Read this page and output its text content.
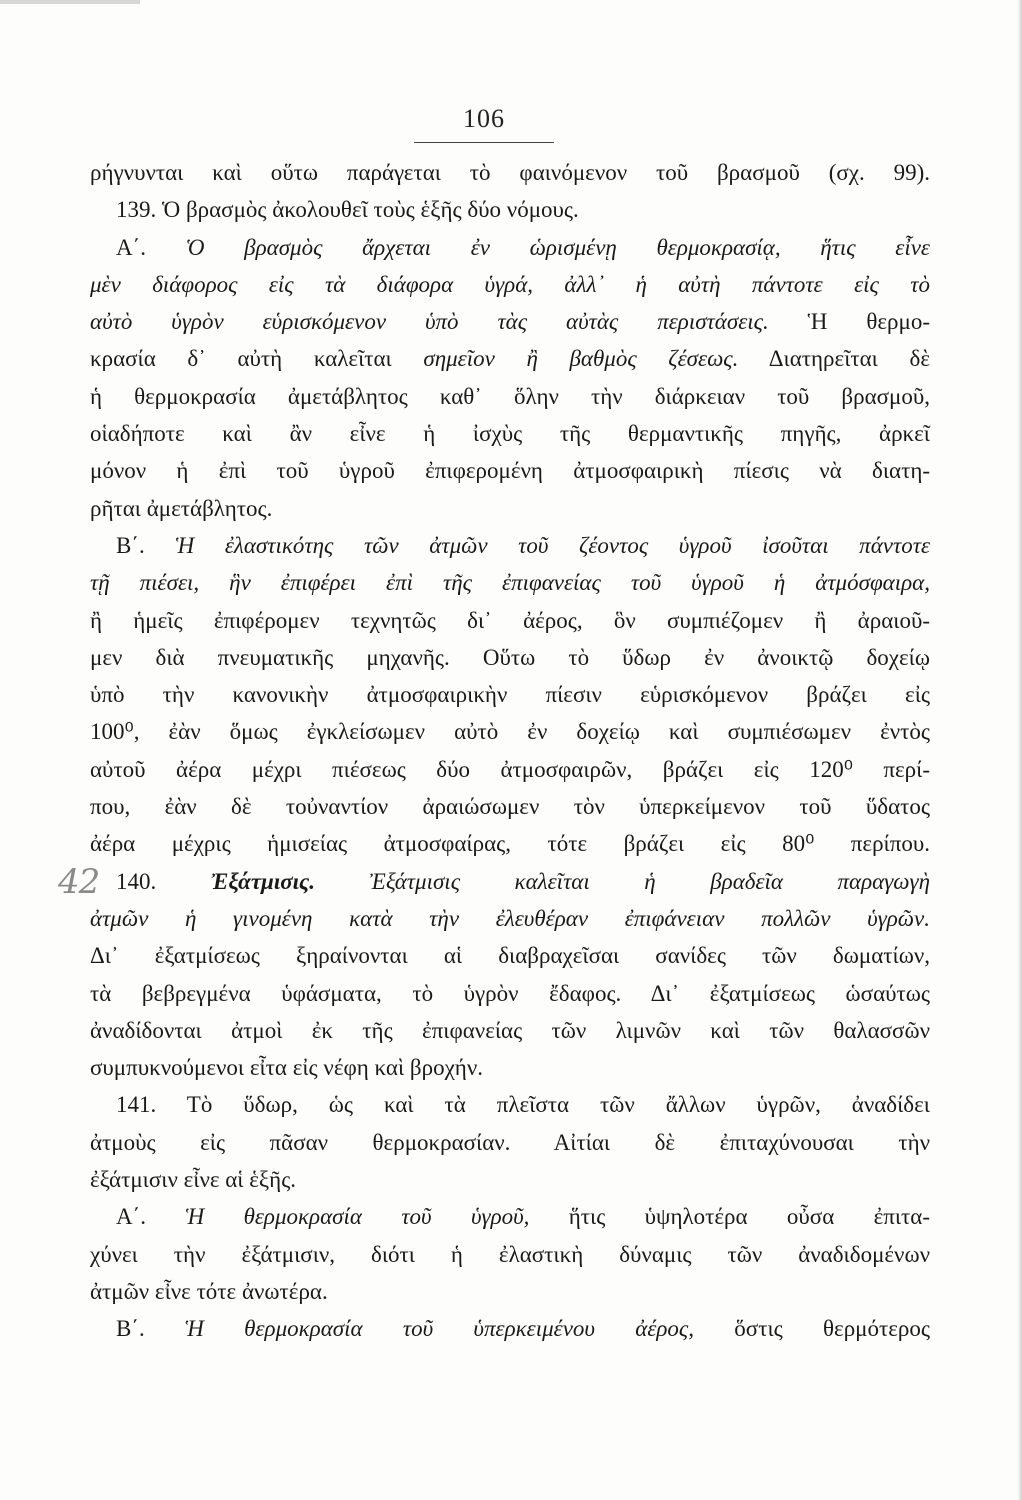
106
42
ρήγνυνται καὶ οὕτω παράγεται τὸ φαινόμενον τοῦ βρασμοῦ (σχ. 99).
139. Ὁ βρασμὸς ἀκολουθεῖ τοὺς ἑξῆς δύο νόμους.
Α΄. Ὁ βρασμὸς ἄρχεται ἐν ὡρισμένῃ θερμοκρασίᾳ, ἥτις εἶνε
μὲν διάφορος εἰς τὰ διάφορα ὑγρά, ἀλλ᾽ ἡ αὐτὴ πάντοτε εἰς τὸ
αὐτὸ ὑγρὸν εὑρισκόμενον ὑπὸ τὰς αὐτὰς περιστάσεις. Ἡ θερμο-
κρασία δ᾽ αὐτὴ καλεῖται σημεῖον ἢ βαθμὸς ζέσεως. Διατηρεῖται δὲ
ἡ θερμοκρασία ἀμετάβλητος καθ᾽ ὅλην τὴν διάρκειαν τοῦ βρασμοῦ,
οἱαδήποτε καὶ ἂν εἶνε ἡ ἰσχὺς τῆς θερμαντικῆς πηγῆς, ἀρκεῖ
μόνον ἡ ἐπὶ τοῦ ὑγροῦ ἐπιφερομένη ἀτμοσφαιρικὴ πίεσις νὰ διατη-
ρῆται ἀμετάβλητος.
Β΄. Ἡ ἐλαστικότης τῶν ἀτμῶν τοῦ ζέοντος ὑγροῦ ἰσοῦται πάντοτε
τῇ πιέσει, ἣν ἐπιφέρει ἐπὶ τῆς ἐπιφανείας τοῦ ὑγροῦ ἡ ἀτμόσφαιρα,
ἢ ἡμεῖς ἐπιφέρομεν τεχνητῶς δι᾽ ἀέρος, ὃν συμπιέζομεν ἢ ἀραιοῦ-
μεν διὰ πνευματικῆς μηχανῆς. Οὕτω τὸ ὕδωρ ἐν ἀνοικτῷ δοχείῳ
ὑπὸ τὴν κανονικὴν ἀτμοσφαιρικὴν πίεσιν εὑρισκόμενον βράζει εἰς
100⁰, ἐὰν ὅμως ἐγκλείσωμεν αὐτὸ ἐν δοχείῳ καὶ συμπιέσωμεν ἐντὸς
αὐτοῦ ἀέρα μέχρι πιέσεως δύο ἀτμοσφαιρῶν, βράζει εἰς 120⁰ περί-
που, ἐὰν δὲ τοὐναντίον ἀραιώσωμεν τὸν ὑπερκείμενον τοῦ ὕδατος
ἀέρα μέχρις ἡμισείας ἀτμοσφαίρας, τότε βράζει εἰς 80⁰ περίπου.
140. Ἐξάτμισις. Ἐξάτμισις καλεῖται ἡ βραδεῖα παραγωγὴ
ἀτμῶν ἡ γινομένη κατὰ τὴν ἐλευθέραν ἐπιφάνειαν πολλῶν ὑγρῶν.
Δι᾽ ἐξατμίσεως ξηραίνονται αἱ διαβραχεῖσαι σανίδες τῶν δωματίων,
τὰ βεβρεγμένα ὑφάσματα, τὸ ὑγρὸν ἔδαφος. Δι᾽ ἐξατμίσεως ὡσαύτως
ἀναδίδονται ἀτμοὶ ἐκ τῆς ἐπιφανείας τῶν λιμνῶν καὶ τῶν θαλασσῶν
συμπυκνούμενοι εἶτα εἰς νέφη καὶ βροχήν.
141. Τὸ ὕδωρ, ὡς καὶ τὰ πλεῖστα τῶν ἄλλων ὑγρῶν, ἀναδίδει
ἀτμοὺς εἰς πᾶσαν θερμοκρασίαν. Αἰτίαι δὲ ἐπιταχύνουσαι τὴν
ἐξάτμισιν εἶνε αἱ ἑξῆς.
Α΄. Ἡ θερμοκρασία τοῦ ὑγροῦ, ἥτις ὑψηλοτέρα οὖσα ἐπιτα-
χύνει τὴν ἐξάτμισιν, διότι ἡ ἐλαστικὴ δύναμις τῶν ἀναδιδομένων
ἀτμῶν εἶνε τότε ἀνωτέρα.
Β΄. Ἡ θερμοκρασία τοῦ ὑπερκειμένου ἀέρος, ὅστις θερμότερος
